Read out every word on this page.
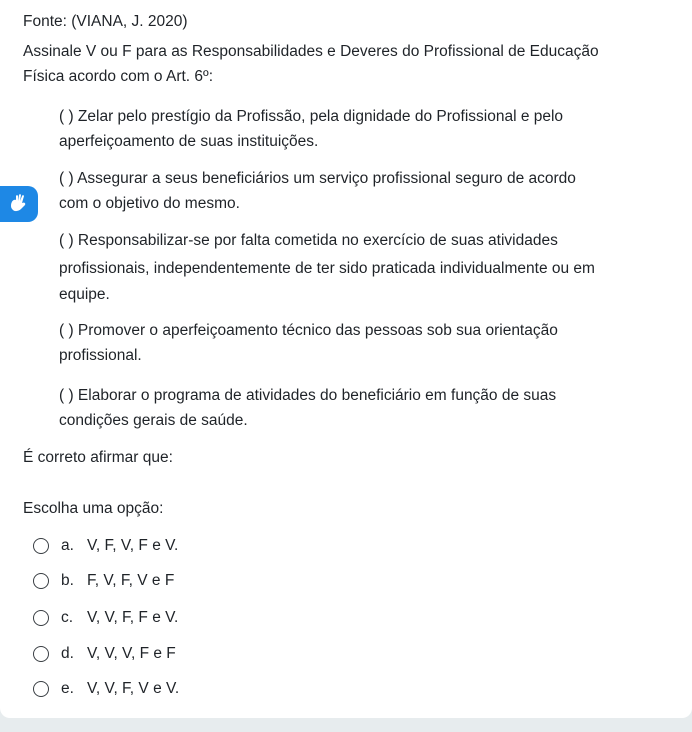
Fonte: (VIANA, J. 2020)

Assinale V ou F para as Responsabilidades e Deveres do Profissional de Educação

Física acordo com o Art. 6º:

( ) Zelar pelo prestígio da Profissão, pela dignidade do Profissional e pelo

aperfeiçoamento de suas instituições.

( ) Assegurar a seus beneficiários um serviço profissional seguro de acordo

com o objetivo do mesmo.

( ) Responsabilizar-se por falta cometida no exercício de suas atividades

profissionais, independentemente de ter sido praticada individualmente ou em

equipe.

( ) Promover o aperfeiçoamento técnico das pessoas sob sua orientação

profissional.

( ) Elaborar o programa de atividades do beneficiário em função de suas

condições gerais de saúde.

É correto afirmar que:

Escolha uma opção:

a. V, F, V, F e V.
b. F, V, F, V e F
c. V, V, F, F e V.
d. V, V, V, F e F
e. V, V, F, V e V.
